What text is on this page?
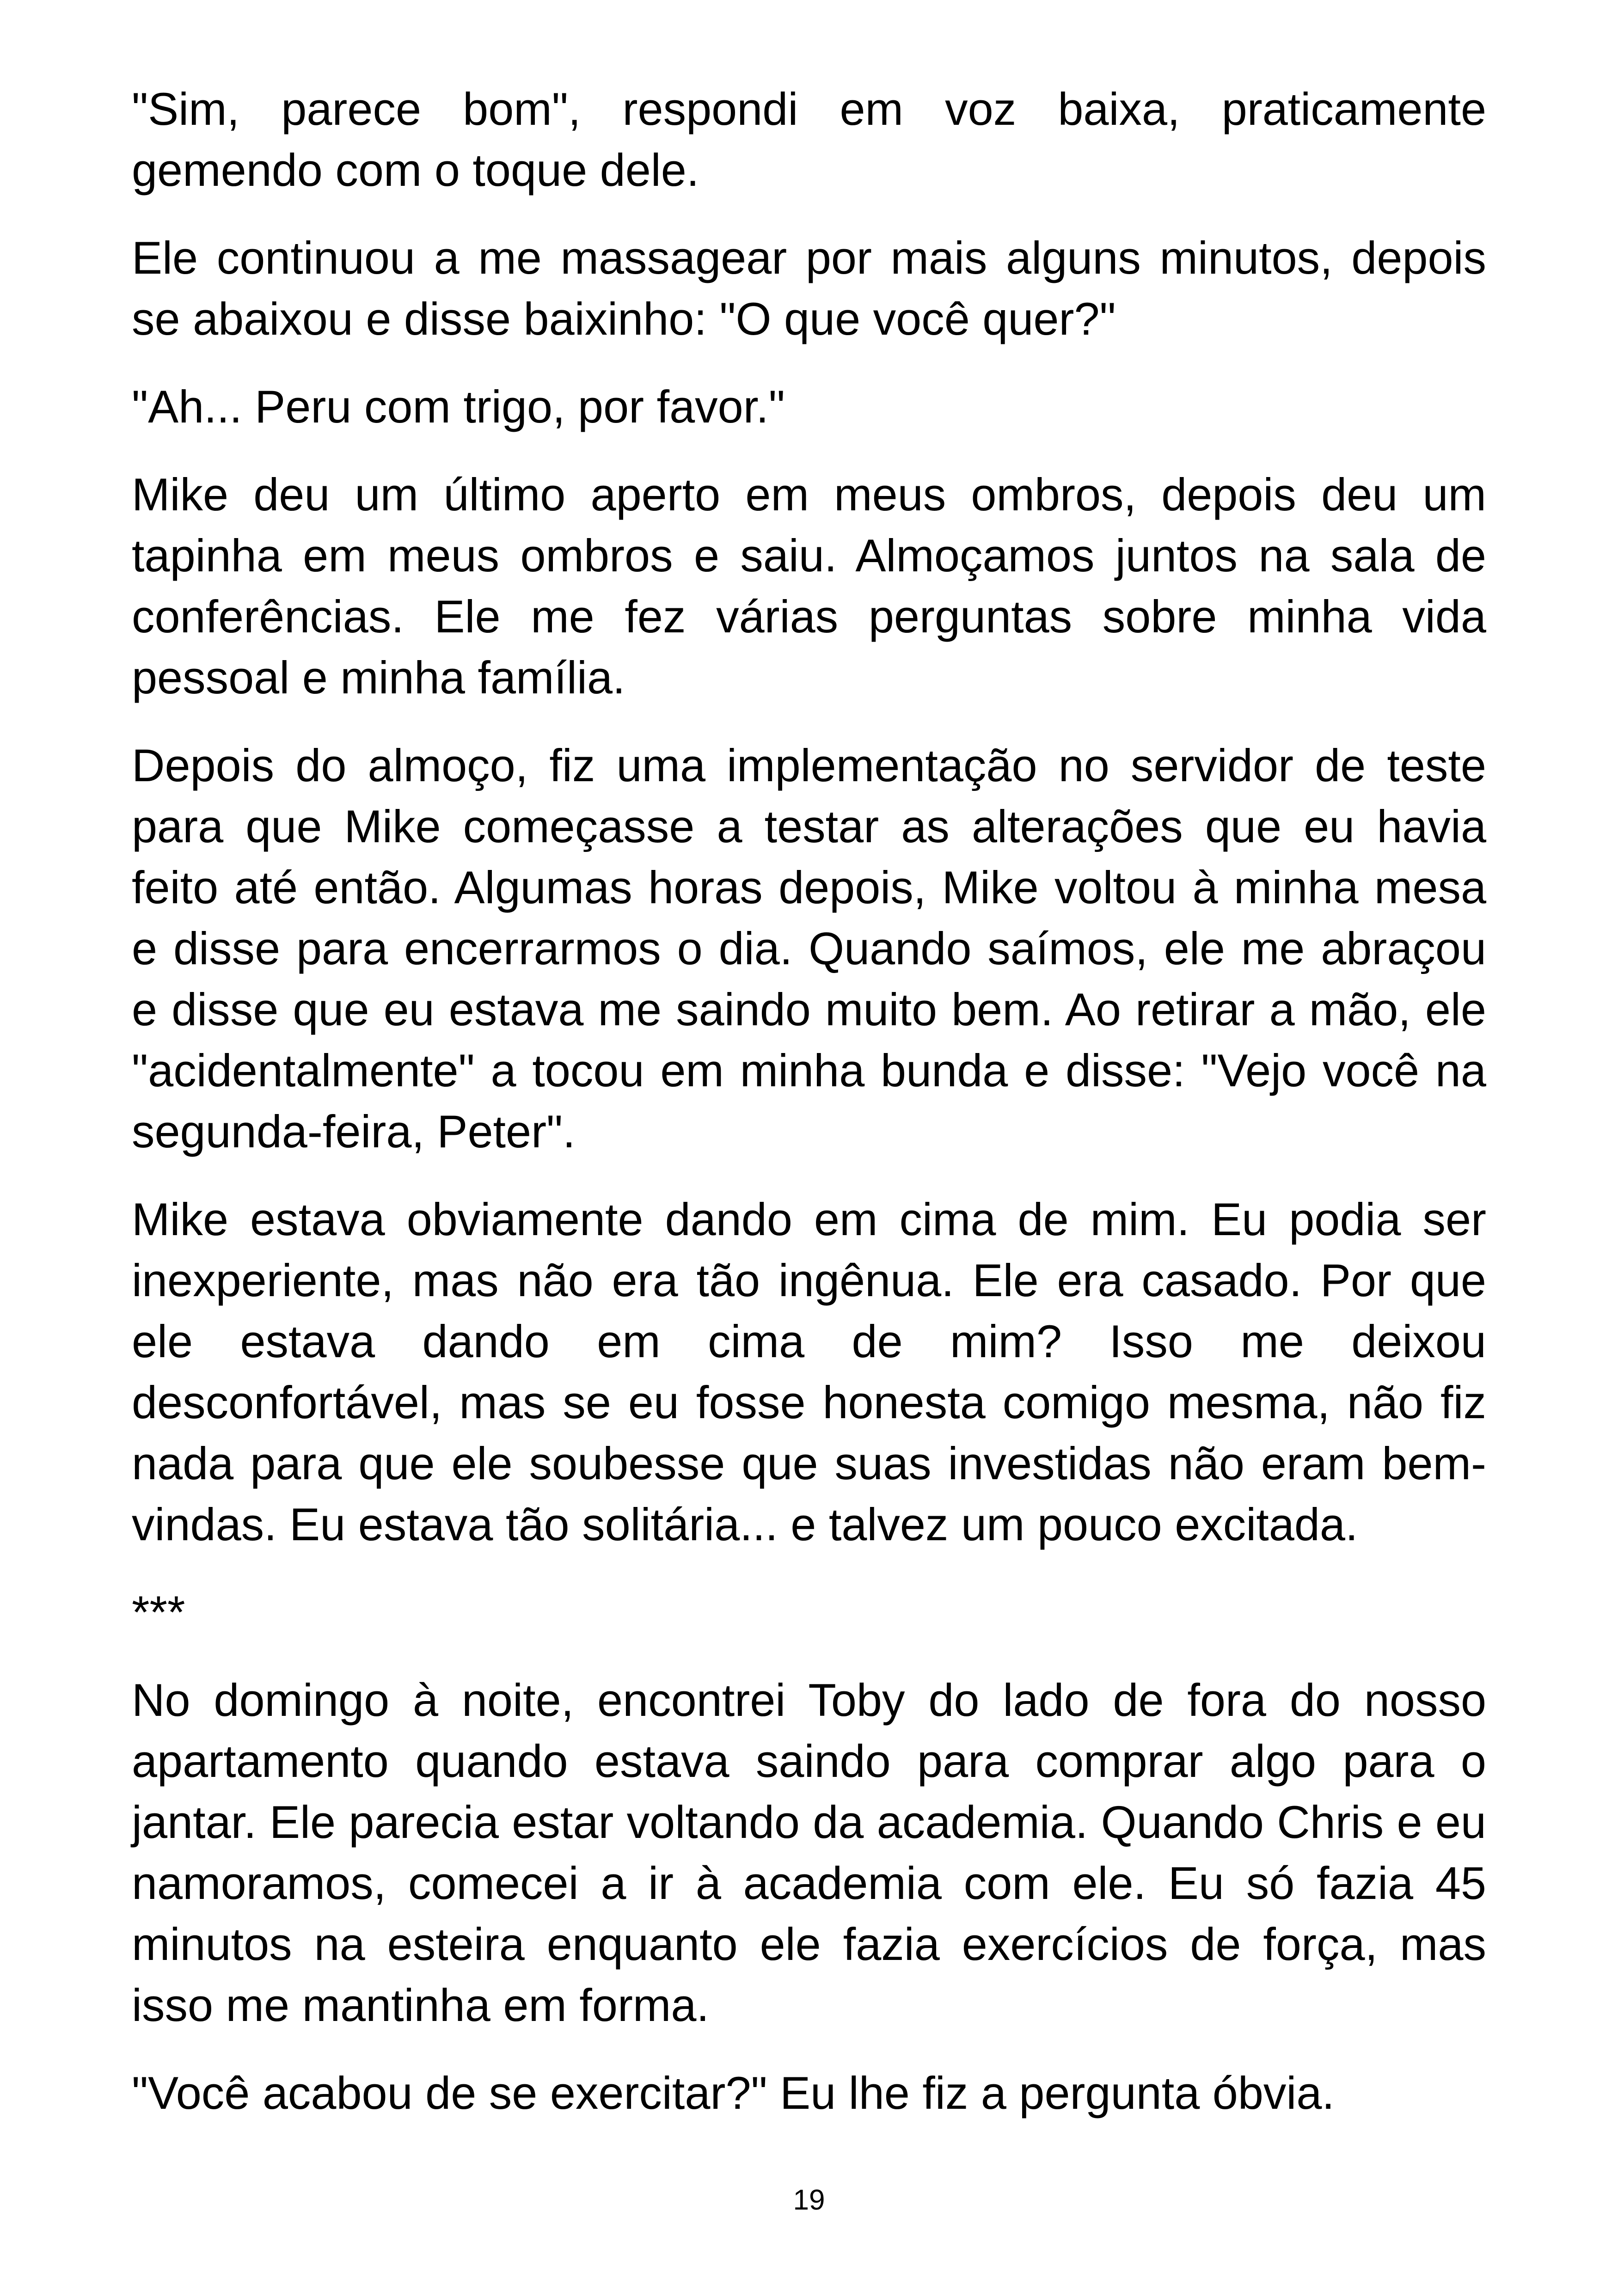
"Sim, parece bom", respondi em voz baixa, praticamente gemendo com o toque dele.

Ele continuou a me massagear por mais alguns minutos, depois se abaixou e disse baixinho: "O que você quer?"

"Ah... Peru com trigo, por favor."

Mike deu um último aperto em meus ombros, depois deu um tapinha em meus ombros e saiu. Almoçamos juntos na sala de conferências. Ele me fez várias perguntas sobre minha vida pessoal e minha família.

Depois do almoço, fiz uma implementação no servidor de teste para que Mike começasse a testar as alterações que eu havia feito até então. Algumas horas depois, Mike voltou à minha mesa e disse para encerrarmos o dia. Quando saímos, ele me abraçou e disse que eu estava me saindo muito bem. Ao retirar a mão, ele "acidentalmente" a tocou em minha bunda e disse: "Vejo você na segunda-feira, Peter".

Mike estava obviamente dando em cima de mim. Eu podia ser inexperiente, mas não era tão ingênua. Ele era casado. Por que ele estava dando em cima de mim? Isso me deixou desconfortável, mas se eu fosse honesta comigo mesma, não fiz nada para que ele soubesse que suas investidas não eram bem-vindas. Eu estava tão solitária... e talvez um pouco excitada.

***

No domingo à noite, encontrei Toby do lado de fora do nosso apartamento quando estava saindo para comprar algo para o jantar. Ele parecia estar voltando da academia. Quando Chris e eu namoramos, comecei a ir à academia com ele. Eu só fazia 45 minutos na esteira enquanto ele fazia exercícios de força, mas isso me mantinha em forma.

"Você acabou de se exercitar?" Eu lhe fiz a pergunta óbvia.

19
